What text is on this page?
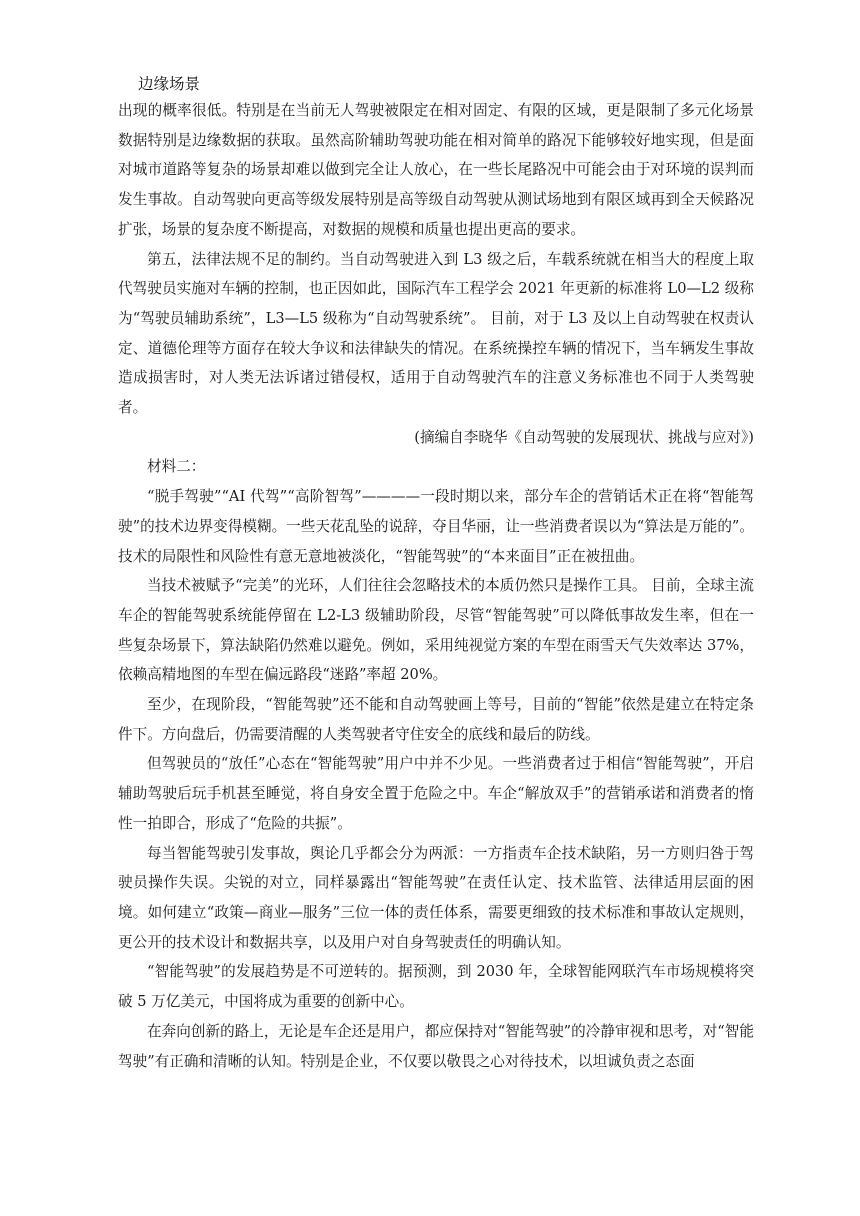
边缘场景

出现的概率很低。特别是在当前无人驾驶被限定在相对固定、有限的区域，更是限制了多元化场景数据特别是边缘数据的获取。虽然高阶辅助驾驶功能在相对简单的路况下能够较好地实现，但是面对城市道路等复杂的场景却难以做到完全让人放心，在一些长尾路况中可能会由于对环境的误判而发生事故。自动驾驶向更高等级发展特别是高等级自动驾驶从测试场地到有限区域再到全天候路况扩张，场景的复杂度不断提高，对数据的规模和质量也提出更高的要求。

第五，法律法规不足的制约。当自动驾驶进入到 L3 级之后，车载系统就在相当大的程度上取代驾驶员实施对车辆的控制，也正因如此，国际汽车工程学会 2021 年更新的标准将 L0—L2 级称为“驾驶员辅助系统”，L3—L5 级称为“自动驾驶系统”。 目前，对于 L3 及以上自动驾驶在权责认定、道德伦理等方面存在较大争议和法律缺失的情况。在系统操控车辆的情况下，当车辆发生事故造成损害时，对人类无法诉诸过错侵权，适用于自动驾驶汽车的注意义务标准也不同于人类驾驶者。

(摘编自李晓华《自动驾驶的发展现状、挑战与应对》)

材料二：

“脱手驾驶”“AI 代驾”“高阶智驾”————一段时期以来，部分车企的营销话术正在将“智能驾驶”的技术边界变得模糊。一些天花乱坠的说辞，夺目华丽，让一些消费者误以为“算法是万能的”。技术的局限性和风险性有意无意地被淡化，“智能驾驶”的“本来面目”正在被扭曲。

当技术被赋予“完美”的光环，人们往往会忽略技术的本质仍然只是操作工具。 目前，全球主流车企的智能驾驶系统能停留在 L2-L3 级辅助阶段，尽管“智能驾驶”可以降低事故发生率，但在一些复杂场景下，算法缺陷仍然难以避免。例如，采用纯视觉方案的车型在雨雪天气失效率达 37%，依赖高精地图的车型在偏远路段“迷路”率超 20%。

至少，在现阶段，“智能驾驶”还不能和自动驾驶画上等号，目前的“智能”依然是建立在特定条件下。方向盘后，仍需要清醒的人类驾驶者守住安全的底线和最后的防线。

但驾驶员的“放任”心态在“智能驾驶”用户中并不少见。一些消费者过于相信“智能驾驶”，开启辅助驾驶后玩手机甚至睡觉，将自身安全置于危险之中。车企“解放双手”的营销承诺和消费者的惰性一拍即合，形成了“危险的共振”。

每当智能驾驶引发事故，舆论几乎都会分为两派：一方指责车企技术缺陷，另一方则归咎于驾驶员操作失误。尖锐的对立，同样暴露出“智能驾驶”在责任认定、技术监管、法律适用层面的困境。如何建立“政策—商业—服务”三位一体的责任体系，需要更细致的技术标准和事故认定规则，更公开的技术设计和数据共享，以及用户对自身驾驶责任的明确认知。

“智能驾驶”的发展趋势是不可逆转的。据预测，到 2030 年，全球智能网联汽车市场规模将突破 5 万亿美元，中国将成为重要的创新中心。

在奔向创新的路上，无论是车企还是用户，都应保持对“智能驾驶”的冷静审视和思考，对“智能驾驶”有正确和清晰的认知。特别是企业，不仅要以敬畏之心对待技术，以坦诚负责之态面
